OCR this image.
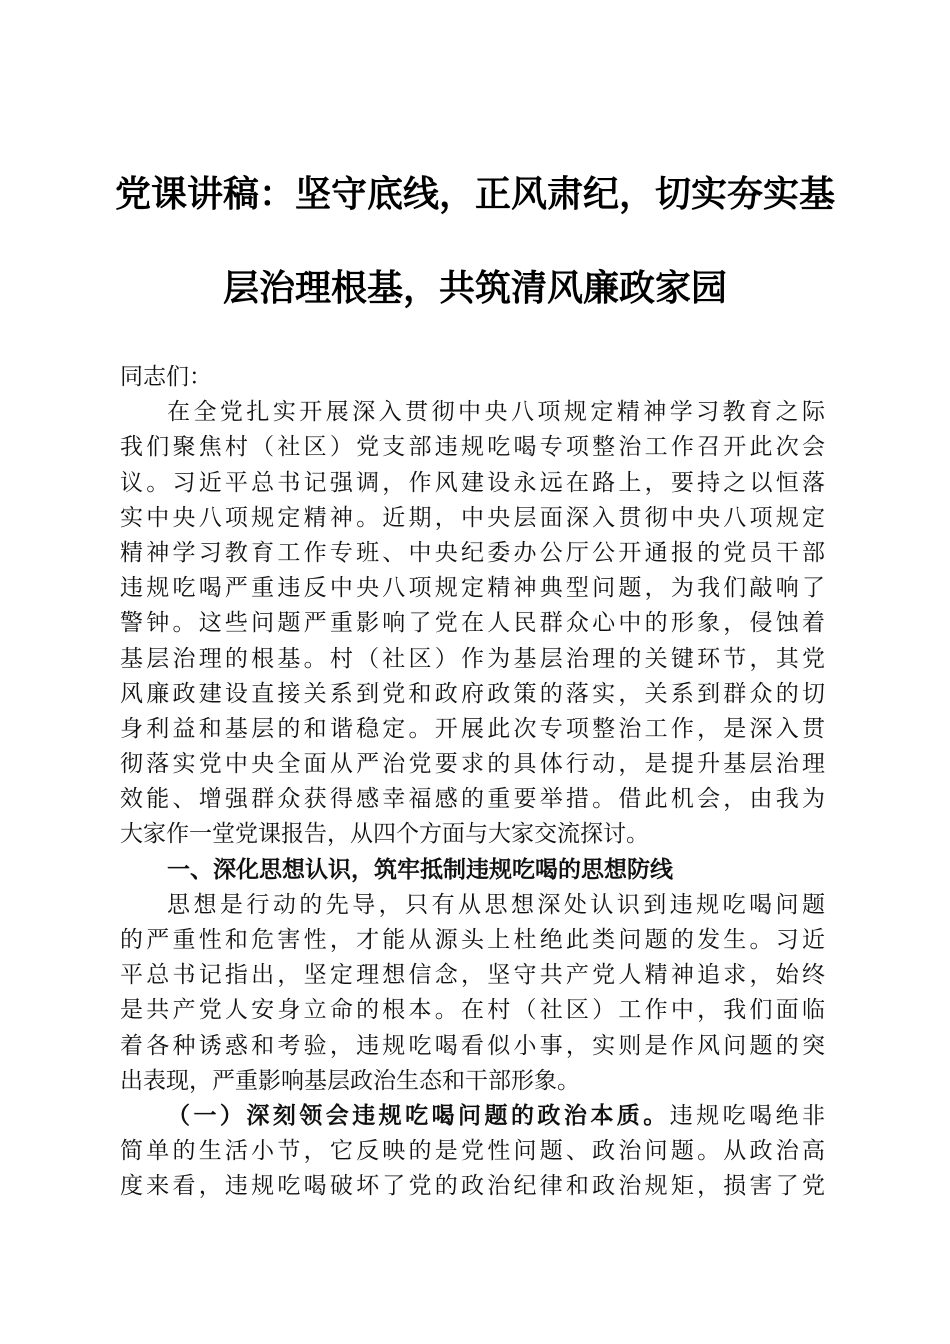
党课讲稿：坚守底线，正风肃纪，切实夯实基
层治理根基，共筑清风廉政家园
同志们：
在全党扎实开展深入贯彻中央八项规定精神学习教育之际
我们聚焦村（社区）党支部违规吃喝专项整治工作召开此次会
议。习近平总书记强调，作风建设永远在路上，要持之以恒落
实中央八项规定精神。近期，中央层面深入贯彻中央八项规定
精神学习教育工作专班、中央纪委办公厅公开通报的党员干部
违规吃喝严重违反中央八项规定精神典型问题，为我们敲响了
警钟。这些问题严重影响了党在人民群众心中的形象，侵蚀着
基层治理的根基。村（社区）作为基层治理的关键环节，其党
风廉政建设直接关系到党和政府政策的落实，关系到群众的切
身利益和基层的和谐稳定。开展此次专项整治工作，是深入贯
彻落实党中央全面从严治党要求的具体行动，是提升基层治理
效能、增强群众获得感幸福感的重要举措。借此机会，由我为
大家作一堂党课报告，从四个方面与大家交流探讨。
一、深化思想认识，筑牢抵制违规吃喝的思想防线
思想是行动的先导，只有从思想深处认识到违规吃喝问题
的严重性和危害性，才能从源头上杜绝此类问题的发生。习近
平总书记指出，坚定理想信念，坚守共产党人精神追求，始终
是共产党人安身立命的根本。在村（社区）工作中，我们面临
着各种诱惑和考验，违规吃喝看似小事，实则是作风问题的突
出表现，严重影响基层政治生态和干部形象。
（一）深刻领会违规吃喝问题的政治本质。违规吃喝绝非
简单的生活小节，它反映的是党性问题、政治问题。从政治高
度来看，违规吃喝破坏了党的政治纪律和政治规矩，损害了党
